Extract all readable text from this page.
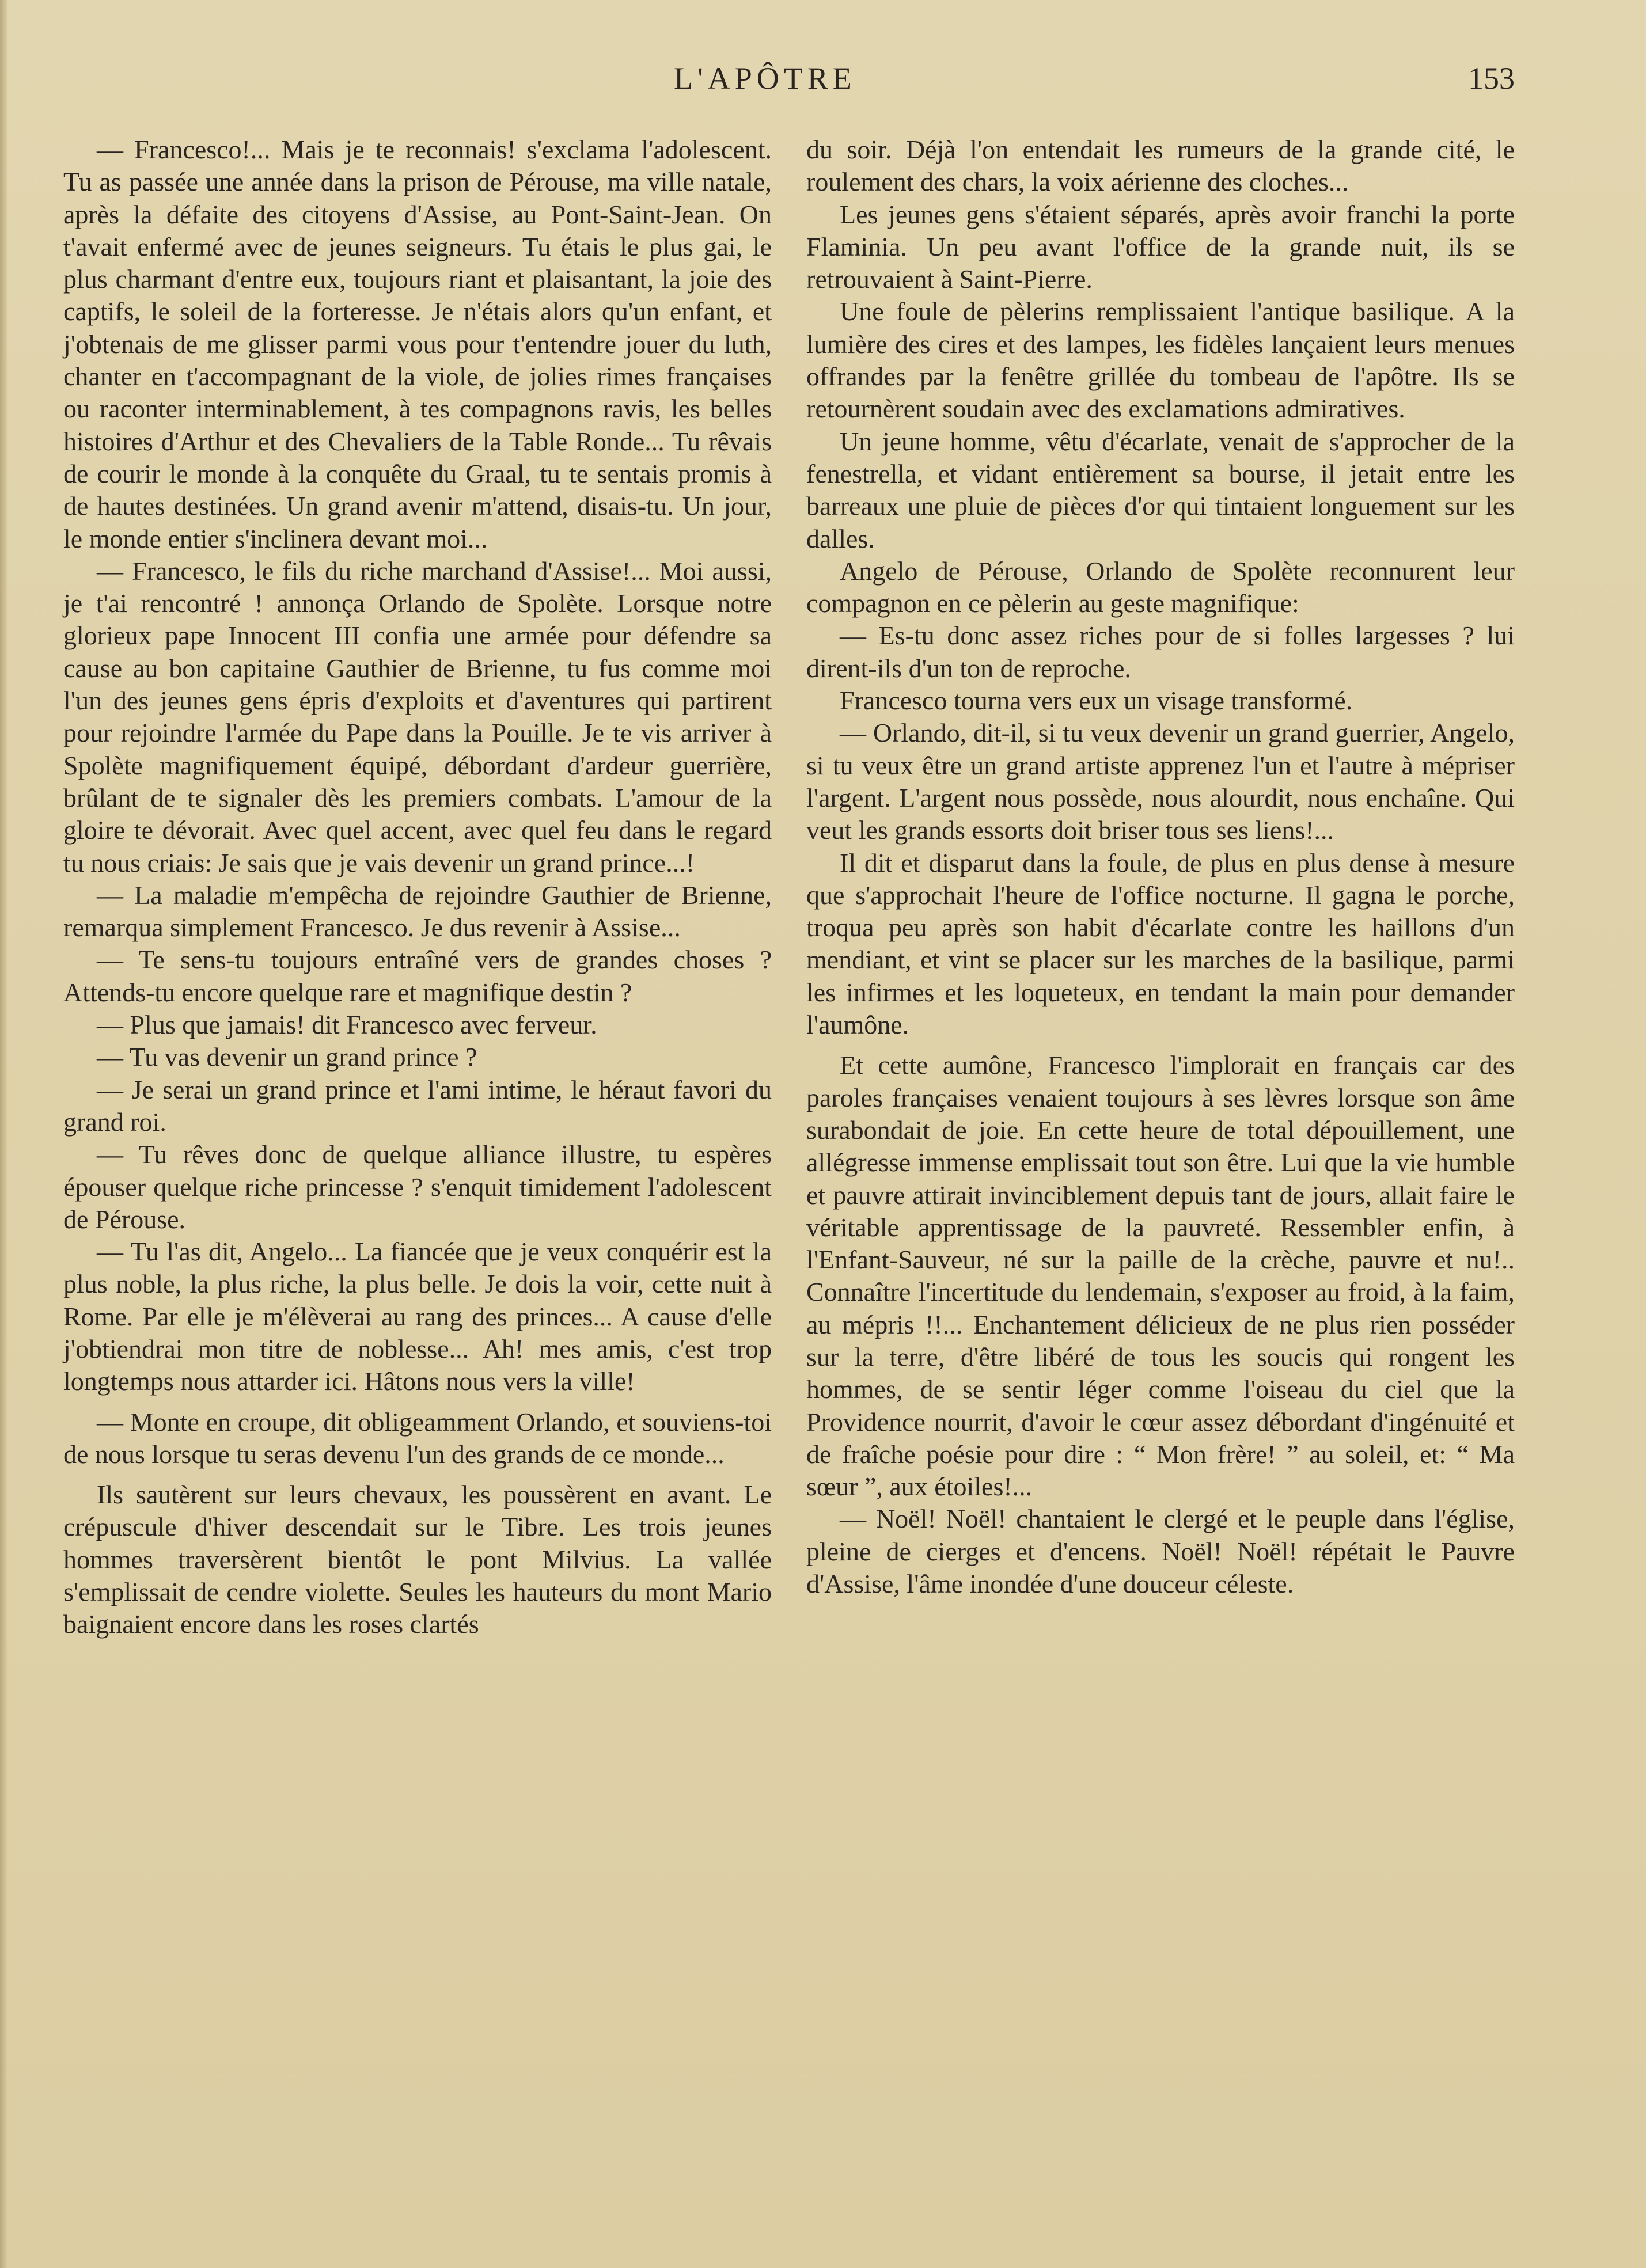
L'APÔTRE	153

— Francesco!... Mais je te reconnais! s'exclama l'adolescent. Tu as passée une année dans la prison de Pérouse, ma ville natale, après la défaite des citoyens d'Assise, au Pont-Saint-Jean. On t'avait enfermé avec de jeunes seigneurs. Tu étais le plus gai, le plus charmant d'entre eux, toujours riant et plaisantant, la joie des captifs, le soleil de la forteresse. Je n'étais alors qu'un enfant, et j'obtenais de me glisser parmi vous pour t'entendre jouer du luth, chanter en t'accompagnant de la viole, de jolies rimes françaises ou raconter interminablement, à tes compagnons ravis, les belles histoires d'Arthur et des Chevaliers de la Table Ronde... Tu rêvais de courir le monde à la conquête du Graal, tu te sentais promis à de hautes destinées. Un grand avenir m'attend, disais-tu. Un jour, le monde entier s'inclinera devant moi...

— Francesco, le fils du riche marchand d'Assise!... Moi aussi, je t'ai rencontré ! annonça Orlando de Spolète. Lorsque notre glorieux pape Innocent III confia une armée pour défendre sa cause au bon capitaine Gauthier de Brienne, tu fus comme moi l'un des jeunes gens épris d'exploits et d'aventures qui partirent pour rejoindre l'armée du Pape dans la Pouille. Je te vis arriver à Spolète magnifiquement équipé, débordant d'ardeur guerrière, brûlant de te signaler dès les premiers combats. L'amour de la gloire te dévorait. Avec quel accent, avec quel feu dans le regard tu nous criais: Je sais que je vais devenir un grand prince...!

— La maladie m'empêcha de rejoindre Gauthier de Brienne, remarqua simplement Francesco. Je dus revenir à Assise...

— Te sens-tu toujours entraîné vers de grandes choses ? Attends-tu encore quelque rare et magnifique destin ?

— Plus que jamais! dit Francesco avec ferveur.

— Tu vas devenir un grand prince ?

— Je serai un grand prince et l'ami intime, le héraut favori du grand roi.

— Tu rêves donc de quelque alliance illustre, tu espères épouser quelque riche princesse ? s'enquit timidement l'adolescent de Pérouse.

— Tu l'as dit, Angelo... La fiancée que je veux conquérir est la plus noble, la plus riche, la plus belle. Je dois la voir, cette nuit à Rome. Par elle je m'élèverai au rang des princes... A cause d'elle j'obtiendrai mon titre de noblesse... Ah! mes amis, c'est trop longtemps nous attarder ici. Hâtons nous vers la ville!

— Monte en croupe, dit obligeamment Orlando, et souviens-toi de nous lorsque tu seras devenu l'un des grands de ce monde...

Ils sautèrent sur leurs chevaux, les poussèrent en avant. Le crépuscule d'hiver descendait sur le Tibre. Les trois jeunes hommes traversèrent bientôt le pont Milvius. La vallée s'emplissait de cendre violette. Seules les hauteurs du mont Mario baignaient encore dans les roses clartés

du soir. Déjà l'on entendait les rumeurs de la grande cité, le roulement des chars, la voix aérienne des cloches...

Les jeunes gens s'étaient séparés, après avoir franchi la porte Flaminia. Un peu avant l'office de la grande nuit, ils se retrouvaient à Saint-Pierre.

Une foule de pèlerins remplissaient l'antique basilique. A la lumière des cires et des lampes, les fidèles lançaient leurs menues offrandes par la fenêtre grillée du tombeau de l'apôtre. Ils se retournèrent soudain avec des exclamations admiratives.

Un jeune homme, vêtu d'écarlate, venait de s'approcher de la fenestrella, et vidant entièrement sa bourse, il jetait entre les barreaux une pluie de pièces d'or qui tintaient longuement sur les dalles.

Angelo de Pérouse, Orlando de Spolète reconnurent leur compagnon en ce pèlerin au geste magnifique:

— Es-tu donc assez riches pour de si folles largesses ? lui dirent-ils d'un ton de reproche.

Francesco tourna vers eux un visage transformé.

— Orlando, dit-il, si tu veux devenir un grand guerrier, Angelo, si tu veux être un grand artiste apprenez l'un et l'autre à mépriser l'argent. L'argent nous possède, nous alourdit, nous enchaîne. Qui veut les grands essorts doit briser tous ses liens!...

Il dit et disparut dans la foule, de plus en plus dense à mesure que s'approchait l'heure de l'office nocturne. Il gagna le porche, troqua peu après son habit d'écarlate contre les haillons d'un mendiant, et vint se placer sur les marches de la basilique, parmi les infirmes et les loqueteux, en tendant la main pour demander l'aumône.

Et cette aumône, Francesco l'implorait en français car des paroles françaises venaient toujours à ses lèvres lorsque son âme surabondait de joie. En cette heure de total dépouillement, une allégresse immense emplissait tout son être. Lui que la vie humble et pauvre attirait invinciblement depuis tant de jours, allait faire le véritable apprentissage de la pauvreté. Ressembler enfin, à l'Enfant-Sauveur, né sur la paille de la crèche, pauvre et nu!.. Connaître l'incertitude du lendemain, s'exposer au froid, à la faim, au mépris !!... Enchantement délicieux de ne plus rien posséder sur la terre, d'être libéré de tous les soucis qui rongent les hommes, de se sentir léger comme l'oiseau du ciel que la Providence nourrit, d'avoir le cœur assez débordant d'ingénuité et de fraîche poésie pour dire : “ Mon frère! ” au soleil, et: “ Ma sœur ”, aux étoiles!...

— Noël! Noël! chantaient le clergé et le peuple dans l'église, pleine de cierges et d'encens. Noël! Noël! répétait le Pauvre d'Assise, l'âme inondée d'une douceur céleste.
